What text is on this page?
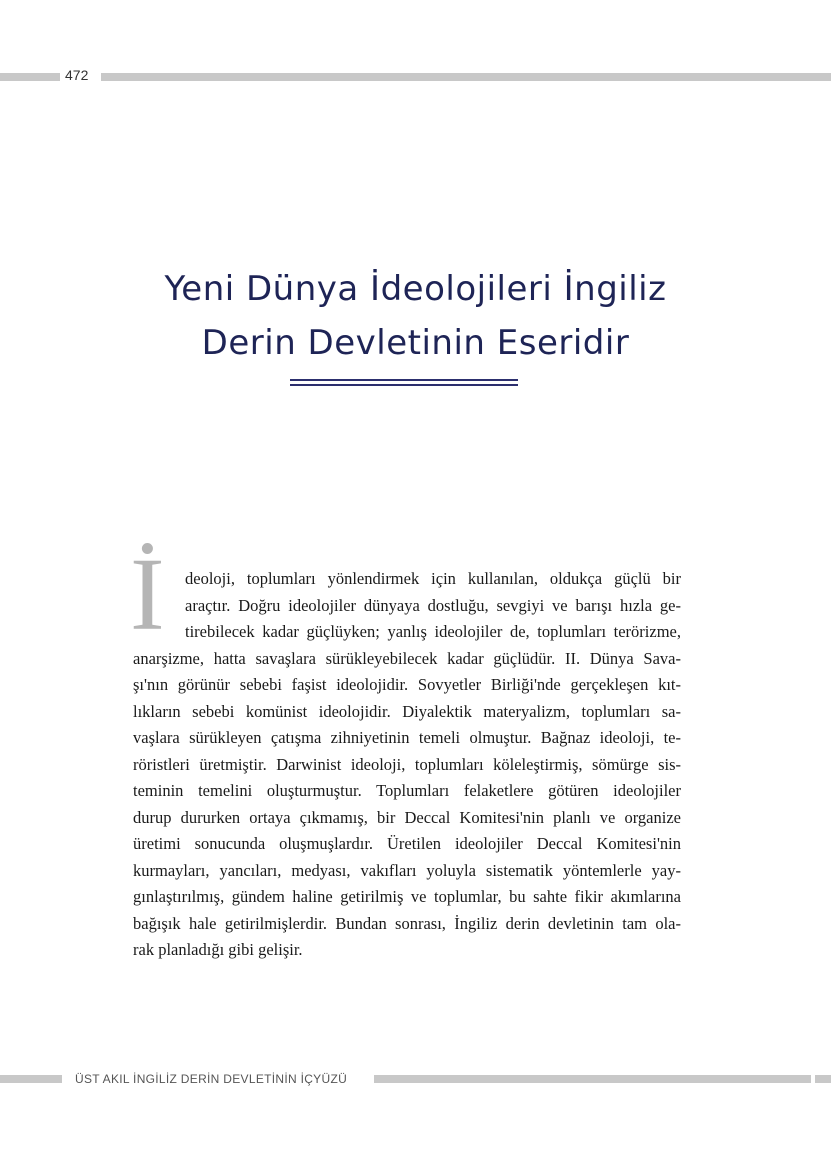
472
Yeni Dünya İdeolojileri İngiliz
Derin Devletinin Eseridir
İ	deoloji, toplumları yönlendirmek için kullanılan, oldukça güçlü bir
araçtır. Doğru ideolojiler dünyaya dostluğu, sevgiyi ve barışı hızla ge-
tirebilecek kadar güçlüyken; yanlış ideolojiler de, toplumları terörizme,
anarşizme, hatta savaşlara sürükleyebilecek kadar güçlüdür. II. Dünya Sava-
şı'nın görünür sebebi faşist ideolojidir. Sovyetler Birliği'nde gerçekleşen kıt-
lıkların sebebi komünist ideolojidir. Diyalektik materyalizm, toplumları sa-
vaşlara sürükleyen çatışma zihniyetinin temeli olmuştur. Bağnaz ideoloji, te-
röristleri üretmiştir. Darwinist ideoloji, toplumları köleleştirmiş, sömürge sis-
teminin temelini oluşturmuştur. Toplumları felaketlere götüren ideolojiler
durup dururken ortaya çıkmamış, bir Deccal Komitesi'nin planlı ve organize
üretimi sonucunda oluşmuşlardır. Üretilen ideolojiler Deccal Komitesi'nin
kurmayları, yancıları, medyası, vakıfları yoluyla sistematik yöntemlerle yay-
gınlaştırılmış, gündem haline getirilmiş ve toplumlar, bu sahte fikir akımlarına
bağışık hale getirilmişlerdir. Bundan sonrası, İngiliz derin devletinin tam ola-
rak planladığı gibi gelişir.
ÜST AKIL İNGİLİZ DERİN DEVLETİNİN İÇYÜZÜ
